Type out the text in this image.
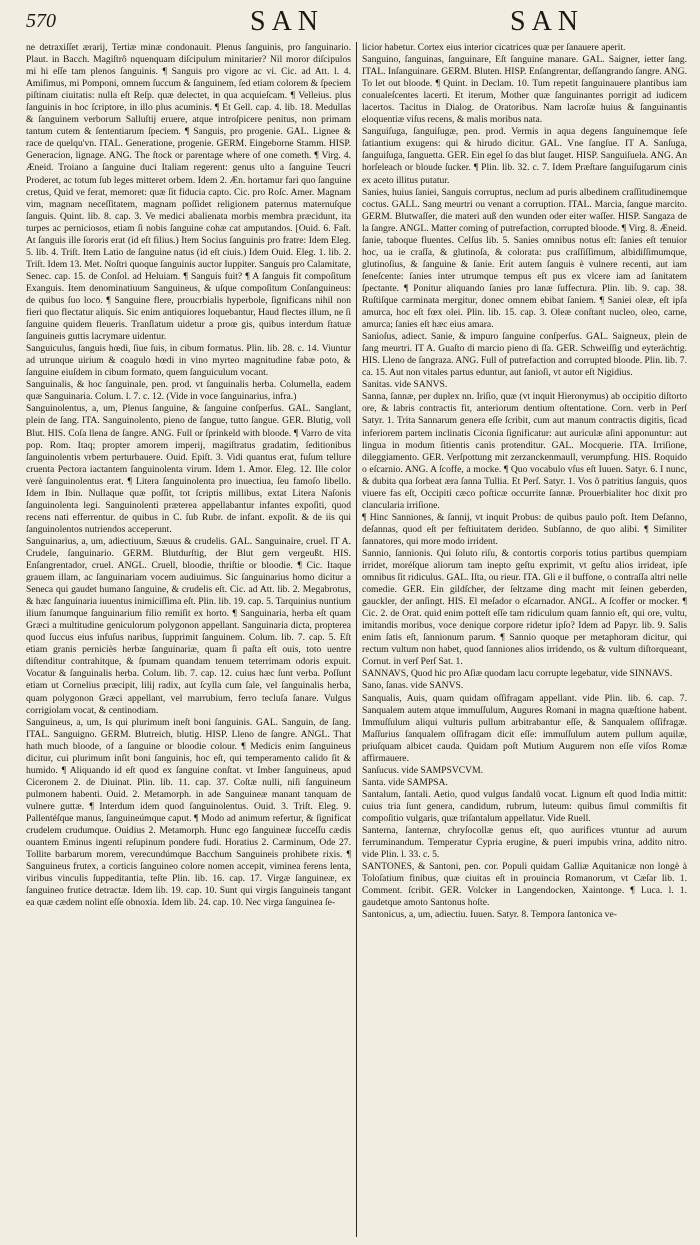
570	SAN	SAN

ne detraxiſſet ærarij, Tertiæ minæ condonauit. Plenus ſanguinis, pro ſanguinario. Plaut. in Bacch. Magiſtrô nquenquam diſcipulum minitarier? Nil moror diſcipulos mi hi eſſe tam plenos ſanguinis. ¶ Sanguis pro vigore ac vi. Cic. ad Att. l. 4. Amiſimus, mi Pomponi, omnem ſuccum & ſanguinem, ſed etiam colorem & ſpeciem piſtinam ciuitatis: nulla eſt Reſp. quæ delectet, in qua acquieſcam. ¶ Velleius. plus ſanguinis in hoc ſcriptore, in illo plus acuminis. ¶ Et Gell. cap. 4. lib. 18. Medullas & ſanguinem verborum Salluſtij eruere, atque introſpicere penitus, non primam tantum cutem & ſententiarum ſpeciem. ¶ Sanguis, pro progenie. GAL. Lignee & race de quelqu'vn. ITAL. Generatione, progenie. GERM. Eingeborne Stamm. HISP. Generacion, lignage. ANG. The ſtock or parentage where of one cometh. ¶ Virg. 4. Æneid. Troiano a ſanguine duci Italiam regerent: genus ulto a ſanguine Teucri Proderet, ac totum ſub leges mitteret orbem. Idem 2. Æn. hortamur fari quo ſanguine cretus, Quid ve ferat, memoret: quæ ſit fiducia capto. Cic. pro Roſc. Amer. Magnam vim, magnam neceſſitatem, magnam poſſidet religionem paternus maternuſque ſanguis. Quint. lib. 8. cap. 3. Ve medici abalienata morbis membra præcidunt, ita turpes ac perniciosos, etiam ſi nobis ſanguine cohæ cat amputandos. [Ouid. 6. Faſt. At ſanguis ille ſororis erat (id eſt filius.) Item Socius ſanguinis pro fratre: Idem Eleg. 5. lib. 4. Triſt. Item Latio de ſanguine natus (id eſt ciuis.) Idem Ouid. Eleg. 1. lib. 2. Triſt. Idem 13. Met. Noſtri quoque ſanguinis auctor Iuppiter. Sanguis pro Calamitate, Senec. cap. 15. de Conſol. ad Heluiam. ¶ Sanguis fuit? ¶ A ſanguis fit compoſitum Exanguis. Item denominatiuum Sanguineus, & uſque compoſitum Conſanguineus: de quibus ſuo loco. ¶ Sanguine flere, proucrbialis hyperbole, ſignificans nihil non fieri quo flectatur aliquis. Sic enim antiquiores loquebantur, Haud flectes illum, ne ſi ſanguine quidem fleueris. Tranſlatum uidetur a proœ gis, quibus interdum ſtatuæ ſanguineis guttis lacrymare uidentur.

Sanguiculus, ſanguis hœdi, ſiue ſuis, in cibum formatus. Plin. lib. 28. c. 14. Viuntur ad utrunque uirium & coagulo hœdi in vino myrteo magnitudine fabæ poto, & ſanguine eiuſdem in cibum formato, quem ſanguiculum vocant.

Sanguinalis, & hoc ſanguinale, pen. prod. vt ſanguinalis herba. Columella, eadem quæ Sanguinaria. Colum. l. 7. c. 12. (Vide in voce ſanguinarius, infra.)

Sanguinolentus, a, um, Plenus ſanguine, & ſanguine conſperſus. GAL. Sanglant, plein de ſang. ITA. Sanguinolento, pieno de ſangue, tutto ſangue. GER. Blutig, voll Blut. HIS. Coſa llena de ſangre. ANG. Full or ſprinkeld with bloode. ¶ Varro de vita pop. Rom. Itaq; propter amorem imperij, magiſtratus gradatim, ſeditionibus ſanguinolentis vrbem perturbauere. Ouid. Epiſt. 3. Vidi quantus erat, fuſum tellure cruenta Pectora iactantem ſanguinolenta virum. Idem 1. Amor. Eleg. 12. Ille color verè ſanguinolentus erat. ¶ Litera ſanguinolenta pro inuectiua, ſeu famoſo libello. Idem in Ibin. Nullaque quæ poſſit, tot ſcriptis millibus, extat Litera Naſonis ſanguinolenta legi. Sanguinolenti præterea appellabantur infantes expoſiti, quod recens nati efferrentur. de quibus in C. ſub Rubr. de infant. expoſit. & de iis qui ſanguinolentos nutriendos acceperunt.

Sanguinarius, a, um, adiectiuum, Sæuus & crudelis. GAL. Sanguinaire, cruel. IT A. Crudele, ſanguinario. GERM. Blutdurſtig, der Blut gern vergeußt. HIS. Enſangrentador, cruel. ANGL. Cruell, bloodie, thriſtie or bloodie. ¶ Cic. Itaque grauem illam, ac ſanguinariam vocem audiuimus. Sic ſanguinarius homo dicitur a Seneca qui gaudet humano ſanguine, & crudelis eſt. Cic. ad Att. lib. 2. Megabrotus, & hæc ſanguinaria iuuentus inimiciſſima eſt. Plin. lib. 19. cap. 5. Tarquinius nuntium ilium ſanumque ſanguinarium filio remiſit ex horto. ¶ Sanguinaria, herba eſt quam Græci a multitudine geniculorum polygonon appellant. Sanguinaria dicta, propterea quod ſuccus eius infuſus naribus, ſupprimit ſanguinem. Colum. lib. 7. cap. 5. Eſt etiam granis perniciès herbæ ſanguinariæ, quam ſi paſta eſt ouis, toto uentre diſtenditur contrahitque, & ſpumam quandam tenuem teterrimam odoris expuit. Vocatur & ſanguinalis herba. Colum. lib. 7. cap. 12. cuius hæc ſunt verba. Poſſunt etiam ut Cornelius præcipit, lilij radix, aut ſcylla cum ſale, vel ſanguinalis herba, quam polygonon Græci appellant, vel marrubium, ferro tecluſa ſanare. Vulgus corrigiolam vocat, & centinodiam.

Sanguineus, a, um, Is qui plurimum ineſt boni ſanguinis. GAL. Sanguin, de ſang. ITAL. Sanguigno. GERM. Blutreich, blutig. HISP. Lleno de ſangre. ANGL. That hath much bloode, of a ſanguine or bloodie colour. ¶ Medicis enim ſanguineus dicitur, cui plurimum inſit boni ſanguinis, hoc eſt, qui temperamento calido ſit & humido. ¶ Aliquando id eſt quod ex ſanguine conſtat. vt Imber ſanguineus, apud Ciceronem 2. de Diuinat. Plin. lib. 11. cap. 37. Coſtæ nulli, niſi ſanguineum pulmonem habenti. Ouid. 2. Metamorph. in ade Sanguineæ manant tanquam de vulnere guttæ. ¶ Interdum idem quod ſanguinolentus. Ouid. 3. Triſt. Eleg. 9. Pallentéſque manus, ſanguineúmque caput. ¶ Modo ad animum refertur, & ſignificat crudelem crudumque. Ouidius 2. Metamorph. Hunc ego ſanguineæ ſucceſſu cædis ouantem Eminus ingenti reſupinum pondere fudi. Horatius 2. Carminum, Ode 27. Tollite barbarum morem, verecundúmque Bacchum Sanguineis prohibete rixis. ¶ Sanguineus frutex, a corticis ſanguineo colore nomen accepit, viminea ferens lenta, viribus vinculis ſuppeditantia, teſte Plin. lib. 16. cap. 17. Virgæ ſanguineæ, ex ſanguineo frutice detractæ. Idem lib. 19. cap. 10. Sunt qui virgis ſanguineis tangant ea quæ cædem nolint eſſe obnoxia. Idem lib. 24. cap. 10. Nec virga ſanguinea ſe-

licior habetur. Cortex eius interior cicatrices quæ per ſanauere aperit.

Sanguino, ſanguinas, ſanguinare, Eſt ſanguine manare. GAL. Saigner, ietter ſang. ITAL. Inſanguinare. GERM. Bluten. HISP. Enſangrentar, deſſangrando ſangre. ANG. To let out bloode. ¶ Quint. in Declam. 10. Tum repetit ſanguinauere plantibus iam conualeſcentes lacerti. Et iterum, Mother quæ ſanguinantes porrigit ad iudicem lacertos. Tacitus in Dialog. de Oratoribus. Nam lacroſæ huius & ſanguinantis eloquentiæ viſus recens, & malis moribus nata.

Sanguiſuga, ſanguiſugæ, pen. prod. Vermis in aqua degens ſanguinemque ſeſe ſatiantium exugens: qui & hirudo dicitur. GAL. Vne ſangſue. IT A. Sanſuga, ſanguiſuga, ſanguetta. GER. Ein egel ſo das blut ſauget. HISP. Sanguiſuela. ANG. An horſeleach or bloude ſucker. ¶ Plin. lib. 32. c. 7. Idem Præſtare ſanguiſugarum cinis ex aceto illitus putatur.

Sanies, huius ſaniei, Sanguis corruptus, neclum ad puris albedinem craſſitudinemque coctus. GALL. Sang meurtri ou venant a corruption. ITAL. Marcia, ſangue marcito. GERM. Blutwaſſer, die materi auß den wunden oder eiter waſſer. HISP. Sangaza de la ſangre. ANGL. Matter coming of putrefaction, corrupted bloode. ¶ Virg. 8. Æneid. ſanie, taboque fluentes. Celſus lib. 5. Sanies omnibus notus eſt: ſanies eſt tenuior hoc, ua ie craſſa, & glutinoſa, & colorata: pus craſſiſſimum, albidiſſimumque, glutinoſius, & ſanguine & ſanie. Erit autem ſanguis è vulnere recenti, aut iam ſeneſcente: ſanies inter utrumque tempus eſt pus ex vlcere iam ad ſanitatem ſpectante. ¶ Ponitur aliquando ſanies pro lanæ ſuffectura. Plin. lib. 9. cap. 38. Ruſtiſque carminata mergitur, donec omnem ebibat ſaniem. ¶ Saniei oleæ, eſt ipſa amurca, hoc eſt fœx olei. Plin. lib. 15. cap. 3. Oleæ conſtant nucleo, oleo, carne, amurca; ſanies eſt hæc eius amara.

Sanioſus, adiect. Sanie, & impuro ſanguine conſperſus. GAL. Saigneux, plein de ſang meurtri. IT A. Guaſto di marcio pieno di ſſa. GER. Schweiſſig und eyterächtig. HIS. Lleno de ſangraza. ANG. Full of putrefaction and corrupted bloode. Plin. lib. 7. ca. 15. Aut non vitales partus eduntur, aut ſanioſi, vt autor eſt Nigidius.

Sanitas. vide SANVS.

Sanna, ſannæ, per duplex nn. Iriſio, quæ (vt inquit Hieronymus) ab occipitio diſtorto ore, & labris contractis fit, anteriorum dentium oſtentatione. Corn. verb in Perſ Satyr. 1. Trita Sannarum genera eſſe ſcribit, cum aut manum contractis digitis, ſicad inferiorem partem inclinatis Ciconia ſignificatur: aut auriculæ aſini apponuntur: aut lingua in modum ſitientis canis protenditur. GAL. Mocquerie. ITA. Irriſione, dileggiamento. GER. Verſpottung mit zerzanckenmaull, verumpfung. HIS. Roquido o eſcarnio. ANG. A ſcoffe, a mocke. ¶ Quo vocabulo vſus eſt Iuuen. Satyr. 6. I nunc, & dubita qua ſorbeat æra ſanna Tullia. Et Perſ. Satyr. 1. Vos ô patritius ſanguis, quos viuere fas eſt, Occipiti cæco poſticæ occurrite ſannæ. Prouerbialiter hoc dixit pro clancularia irriſione.

¶ Hinc Sanniones, & ſannij, vt inquit Probus: de quibus paulo poſt. Item Deſanno, deſannas, quod eſt per feſtiuitatem derideo. Subſanno, de quo alibi. ¶ Similiter ſannatores, qui more modo irrident.

Sannio, ſannionis. Qui ſoluto riſu, & contortis corporis totius partibus quempiam irridet, moréſque aliorum tam inepto geſtu exprimit, vt geſtu alios irrideat, ipſe omnibus ſit ridiculus. GAL. Iſta, ou rieur. ITA. Gli e il buffone, o contraſſa altri nelle comedie. GER. Ein gildſcher, der ſeltzame ding macht mit ſeinen geberden, gauckler, der anſingt. HIS. El meſador o eſcarnador. ANGL. A ſcoffer or mocker. ¶ Cic. 2. de Orat. quid enim potteſt eſſe tam ridiculum quam ſannio eſt, qui ore, vultu, imitandis moribus, voce denique corpore ridetur ipſo? Idem ad Papyr. lib. 9. Salis enim ſatis eſt, ſannionum parum. ¶ Sannio quoque per metaphoram dicitur, qui rectum vultum non habet, quod ſanniones alios irridendo, os & vultum diſtorqueant, Cornut. in verſ Perſ Sat. 1.

SANNAVS, Quod hic pro Aſiæ quodam lacu corrupte legebatur, vide SINNAVS.

Sano, ſanas. vide SANVS.

Sanqualis, Auis, quam quidam oſſifragam appellant. vide Plin. lib. 6. cap. 7. Sanqualem autem atque immuſſulum, Augures Romani in magna quæſtione habent. Immuſſulum aliqui vulturis pullum arbitrabantur eſſe, & Sanqualem oſſifragæ. Maſſurius ſanqualem oſſifragam dicit eſſe: immuſſulum autem pullum aquilæ, priuſquam albicet cauda. Quidam poſt Mutium Augurem non eſſe viſos Romæ affirmauere.

Sanſucus. vide SAMPSVCVM.

Santa. vide SAMPSA.

Santalum, ſantali. Aetio, quod vulgus ſandalû vocat. Lignum eſt quod India mittit: cuius tria ſunt genera, candidum, rubrum, luteum: quibus ſimul commiſtis fit compoſitio vulgaris, quæ triſantalum appellatur. Vide Ruell.

Santerna, ſanternæ, chryſocollæ genus eſt, quo aurifices vtuntur ad aurum ferruminandum. Temperatur Cypria erugine, & pueri impubis vrina, addito nitro. vide Plin. l. 33. c. 5.

SANTONES, & Santoni, pen. cor. Populi quidam Galliæ Aquitanicæ non longè à Toloſatium finibus, quæ ciuitas eſt in prouincia Romanorum, vt Cæſar lib. 1. Comment. ſcribit. GER. Volcker in Langendocken, Xaintonge. ¶ Luca. l. 1. gaudetque amoto Santonus hoſte.

Santonicus, a, um, adiectiu. Iuuen. Satyr. 8. Tempora ſantonica ve-
